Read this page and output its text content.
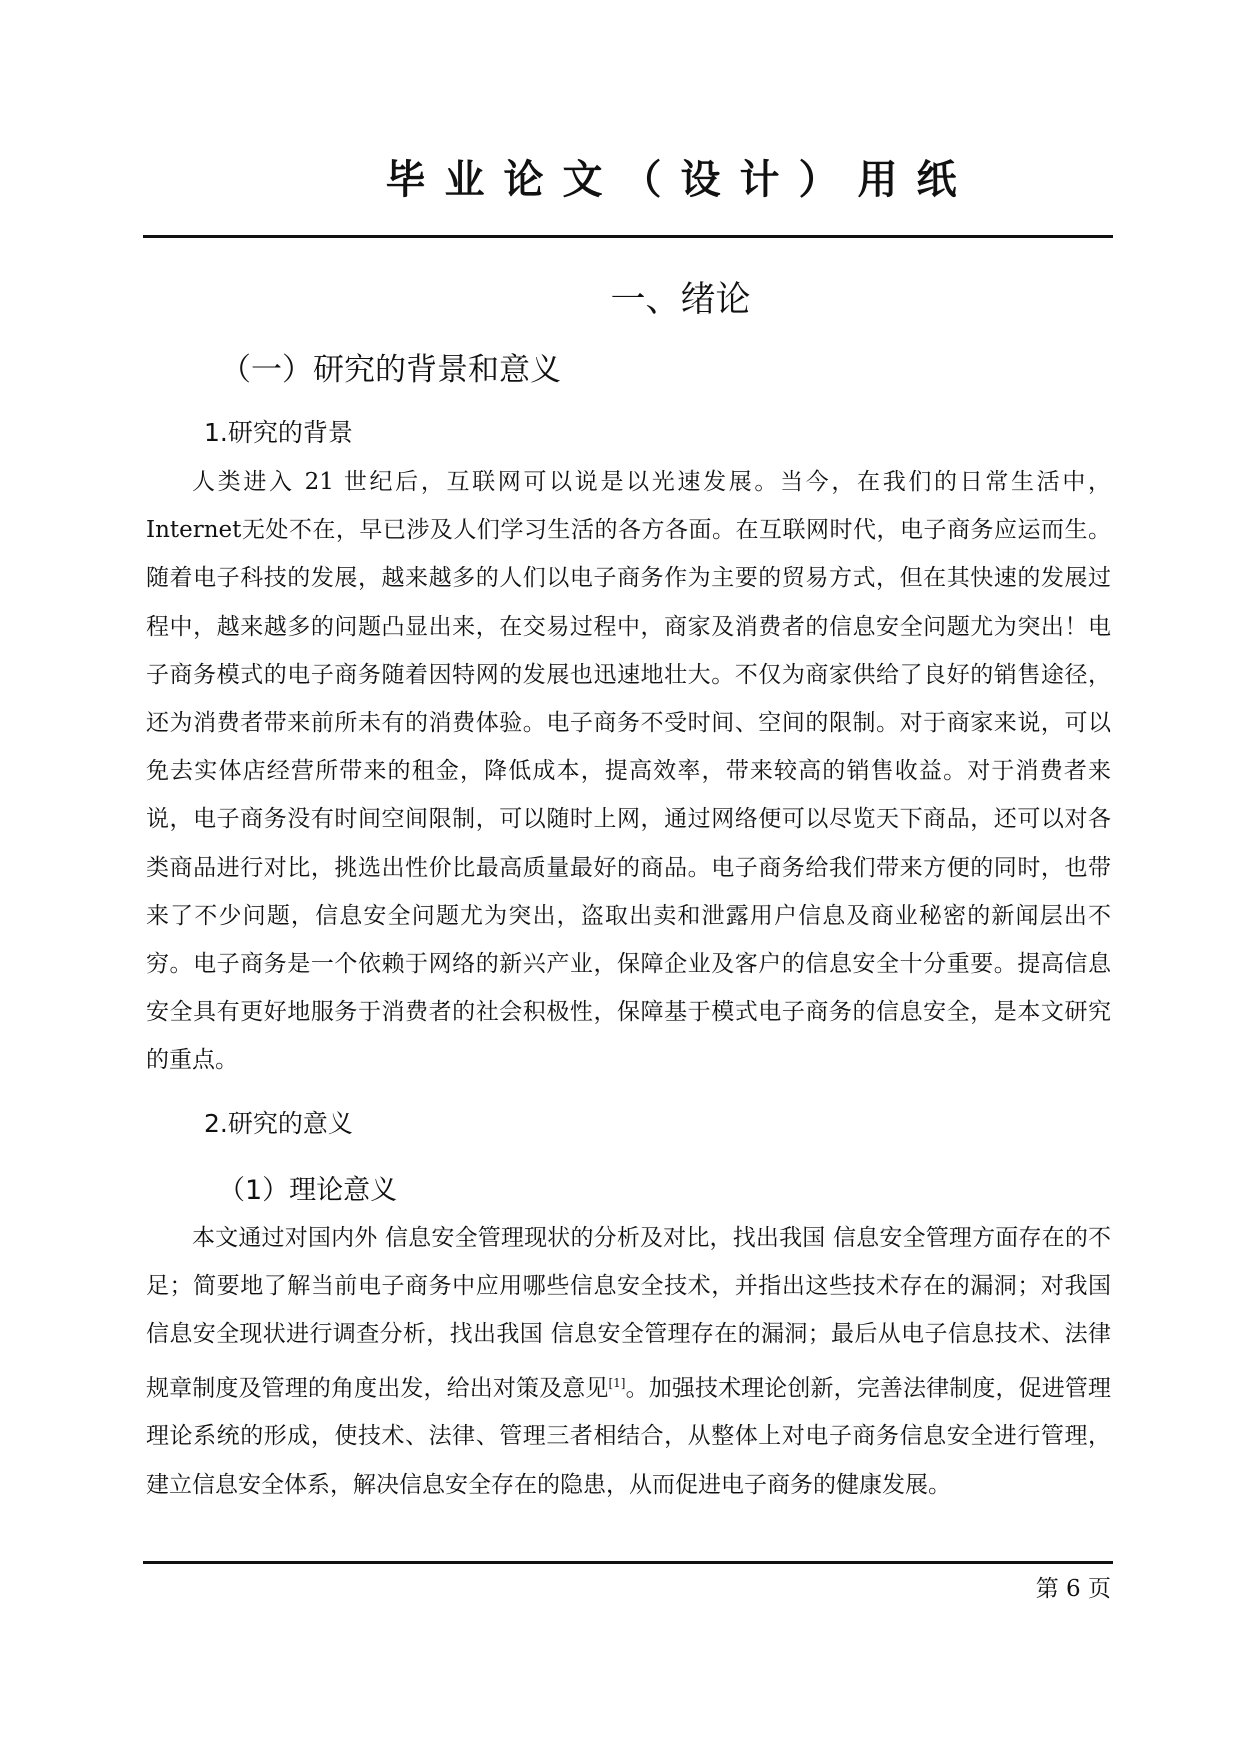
毕业论文（设计）用纸
一、绪论
（一）研究的背景和意义
1.研究的背景

人类进入 21 世纪后，互联网可以说是以光速发展。当今，在我们的日常生活中，Internet无处不在，早已涉及人们学习生活的各方各面。在互联网时代，电子商务应运而生。随着电子科技的发展，越来越多的人们以电子商务作为主要的贸易方式，但在其快速的发展过程中，越来越多的问题凸显出来，在交易过程中，商家及消费者的信息安全问题尤为突出！电子商务模式的电子商务随着因特网的发展也迅速地壮大。不仅为商家供给了良好的销售途径，还为消费者带来前所未有的消费体验。电子商务不受时间、空间的限制。对于商家来说，可以免去实体店经营所带来的租金，降低成本，提高效率，带来较高的销售收益。对于消费者来说，电子商务没有时间空间限制，可以随时上网，通过网络便可以尽览天下商品，还可以对各类商品进行对比，挑选出性价比最高质量最好的商品。电子商务给我们带来方便的同时，也带来了不少问题，信息安全问题尤为突出，盗取出卖和泄露用户信息及商业秘密的新闻层出不穷。电子商务是一个依赖于网络的新兴产业，保障企业及客户的信息安全十分重要。提高信息安全具有更好地服务于消费者的社会积极性，保障基于模式电子商务的信息安全，是本文研究的重点。

2.研究的意义
（1）理论意义

本文通过对国内外 信息安全管理现状的分析及对比，找出我国 信息安全管理方面存在的不足；简要地了解当前电子商务中应用哪些信息安全技术，并指出这些技术存在的漏洞；对我国 信息安全现状进行调查分析，找出我国 信息安全管理存在的漏洞；最后从电子信息技术、法律规章制度及管理的角度出发，给出对策及意见[1]。加强技术理论创新，完善法律制度，促进管理理论系统的形成，使技术、法律、管理三者相结合，从整体上对电子商务信息安全进行管理，建立信息安全体系，解决信息安全存在的隐患，从而促进电子商务的健康发展。

第 6 页
